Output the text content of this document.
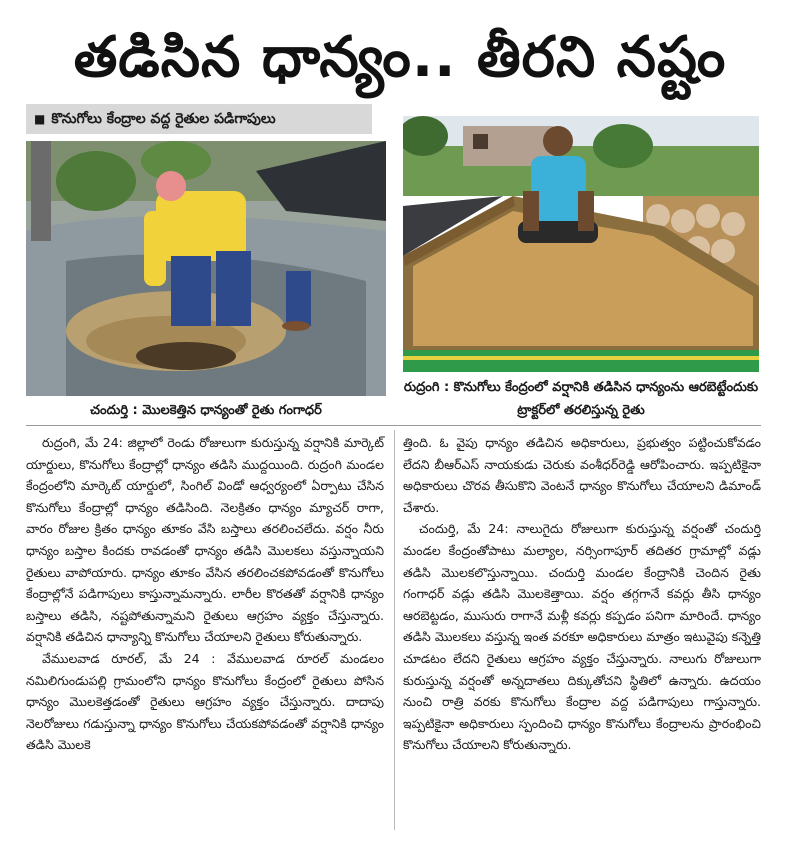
తడిసిన ధాన్యం.. తీరని నష్టం
■ కొనుగోలు కేంద్రాల వద్ద రైతుల పడిగాపులు
రుద్రంగి : కొనుగోలు కేంద్రంలో వర్షానికి తడిసిన ధాన్యంను ఆరబెట్టేందుకు ట్రాక్టర్‌లో తరలిస్తున్న రైతు
చందుర్తి : మొలకెత్తిన ధాన్యంతో రైతు గంగాధర్

రుద్రంగి, మే 24: జిల్లాలో రెండు రోజులుగా కురుస్తున్న వర్షానికి మార్కెట్ యార్డులు, కొనుగోలు కేంద్రాల్లో ధాన్యం తడిసి ముద్దయింది. రుద్రంగి మండల కేంద్రంలోని మార్కెట్ యార్డులో, సింగిల్ విండో ఆధ్వర్యంలో ఏర్పాటు చేసిన కొనుగోలు కేంద్రాల్లో ధాన్యం తడిసింది. నెలక్రితం ధాన్యం మ్యాచర్ రాగా, వారం రోజుల క్రితం ధాన్యం తూకం వేసి బస్తాలు తరలించలేదు. వర్షం నీరు ధాన్యం బస్తాల కిందకు రావడంతో ధాన్యం తడిసి మొలకలు వస్తున్నాయని రైతులు వాపోయారు. ధాన్యం తూకం వేసిన తరలించకపోవడంతో కొనుగోలు కేంద్రాల్లోనే పడిగాపులు కాస్తున్నామన్నారు. లారీల కొరతతో వర్షానికి ధాన్యం బస్తాలు తడిసి, నష్టపోతున్నామని రైతులు ఆగ్రహం వ్యక్తం చేస్తున్నారు. వర్షానికి తడిచిన ధాన్యాన్ని కొనుగోలు చేయాలని రైతులు కోరుతున్నారు.

వేములవాడ రూరల్, మే 24 : వేములవాడ రూరల్ మండలం నమిలిగుండుపల్లి గ్రామంలోని ధాన్యం కొనుగోలు కేంద్రంలో రైతులు పోసిన ధాన్యం మొలకెత్తడంతో రైతులు ఆగ్రహం వ్యక్తం చేస్తున్నారు. దాదాపు నెలరోజులు గడుస్తున్నా ధాన్యం కొనుగోలు చేయకపోవడంతో వర్షానికి ధాన్యం తడిసి మొలకె

త్తింది. ఓ వైపు ధాన్యం తడిచిన అధికారులు, ప్రభుత్వం పట్టించుకోవడం లేదని బీఆర్ఎస్ నాయకుడు చెరుకు వంశీధర్‌రెడ్డి ఆరోపించారు. ఇప్పటికైనా అధికారులు చొరవ తీసుకొని వెంటనే ధాన్యం కొనుగోలు చేయాలని డిమాండ్ చేశారు.

చందుర్తి, మే 24: నాలుగైదు రోజులుగా కురుస్తున్న వర్షంతో చందుర్తి మండల కేంద్రంతోపాటు మల్యాల, నర్సింగాపూర్ తదితర గ్రామాల్లో వడ్లు తడిసి మొలకలొస్తున్నాయి. చందుర్తి మండల కేంద్రానికి చెందిన రైతు గంగాధర్ వడ్లు తడిసి మొలకెత్తాయి. వర్షం తగ్గగానే కవర్లు తీసి ధాన్యం ఆరబెట్టడం, ముసురు రాగానే మళ్లీ కవర్లు కప్పడం పనిగా మారిందే. ధాన్యం తడిసి మొలకలు వస్తున్న ఇంత వరకూ అధికారులు మాత్రం ఇటువైపు కన్నెత్తి చూడటం లేదని రైతులు ఆగ్రహం వ్యక్తం చేస్తున్నారు. నాలుగు రోజులుగా కురుస్తున్న వర్షంతో అన్నదాతలు దిక్కుతోచని స్థితిలో ఉన్నారు. ఉదయం నుంచి రాత్రి వరకు కొనుగోలు కేంద్రాల వద్ద పడిగాపులు గాస్తున్నారు. ఇప్పటికైనా అధికారులు స్పందించి ధాన్యం కొనుగోలు కేంద్రాలను ప్రారంభించి కొనుగోలు చేయాలని కోరుతున్నారు.
